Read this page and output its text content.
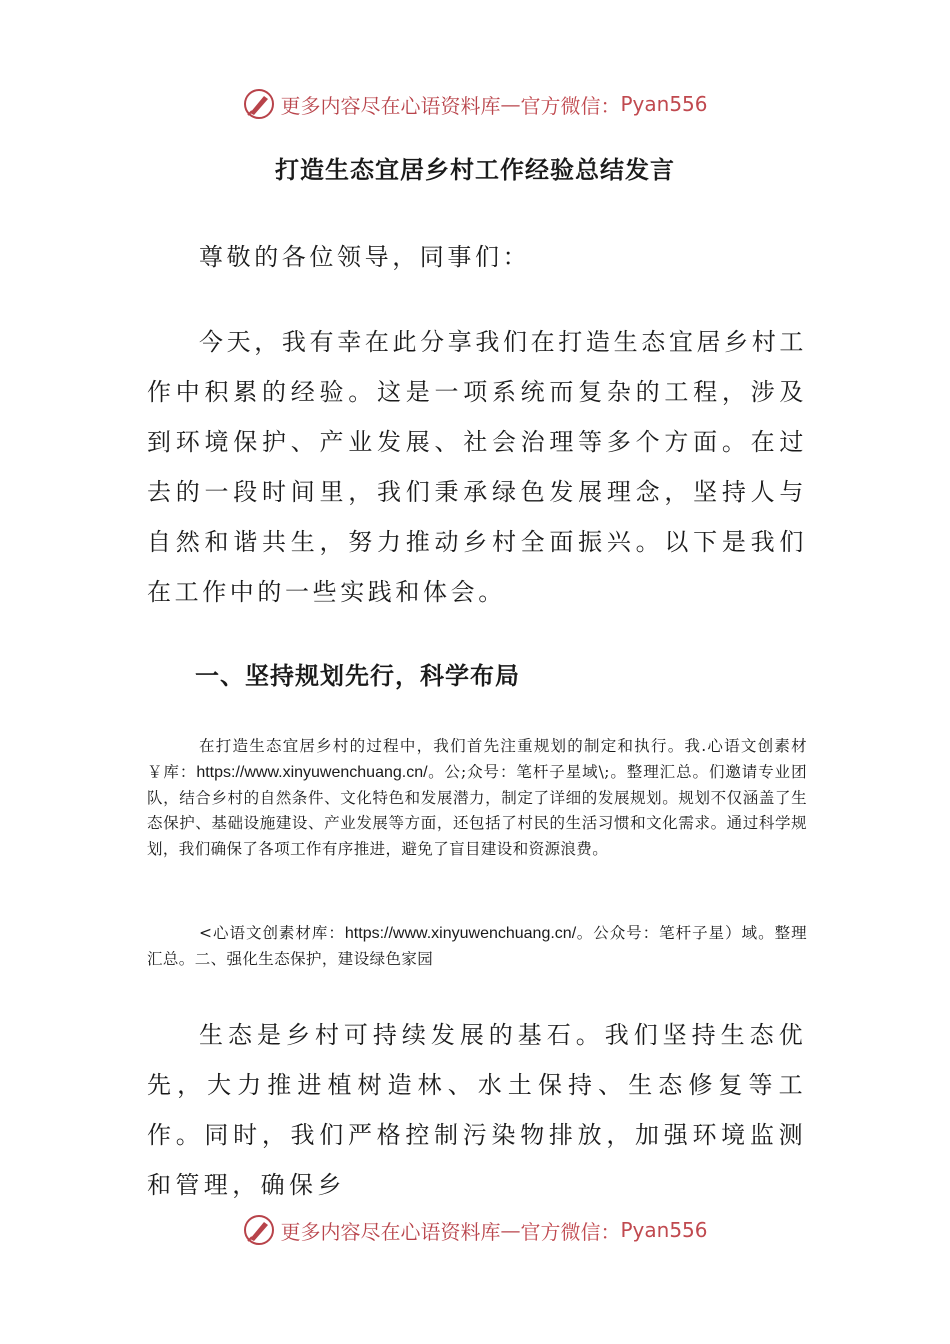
更多内容尽在心语资料库 — 官方微信： Pyan556
打造生态宜居乡村工作经验总结发言
尊敬的各位领导，同事们：
今天，我有幸在此分享我们在打造生态宜居乡村工作中积累的经验。这是一项系统而复杂的工程，涉及到环境保护、产业发展、社会治理等多个方面。在过去的一段时间里，我们秉承绿色发展理念，坚持人与自然和谐共生，努力推动乡村全面振兴。以下是我们在工作中的一些实践和体会。
一、坚持规划先行，科学布局
在打造生态宜居乡村的过程中，我们首先注重规划的制定和执行。我.心语文创素材￥库：https://www.xinyuwenchuang.cn/。公;众号：笔杆子星域\;。整理汇总。们邀请专业团队，结合乡村的自然条件、文化特色和发展潜力，制定了详细的发展规划。规划不仅涵盖了生态保护、基础设施建设、产业发展等方面，还包括了村民的生活习惯和文化需求。通过科学规划，我们确保了各项工作有序推进，避免了盲目建设和资源浪费。
<心语文创素材库：https://www.xinyuwenchuang.cn/。公众号：笔杆子星）域。整理汇总。二、强化生态保护，建设绿色家园
生态是乡村可持续发展的基石。我们坚持生态优先，大力推进植树造林、水土保持、生态修复等工作。同时，我们严格控制污染物排放，加强环境监测和管理，确保乡
更多内容尽在心语资料库 — 官方微信： Pyan556
